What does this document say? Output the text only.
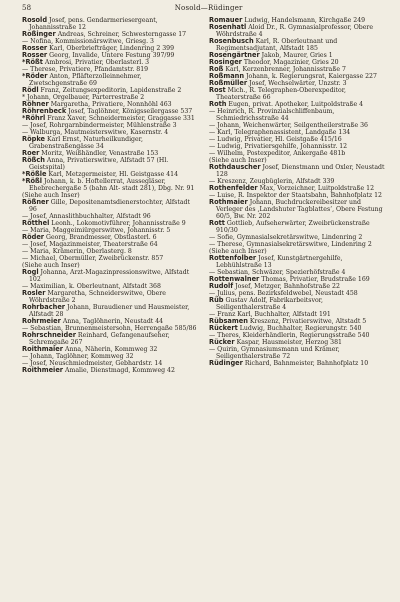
58	Nosold—Rüdinger

Rosold Josef, pens. Gendarmeriesergeant, Johannisstraße 12

Roßinger Andreas, Schreiner, Schwesterngasse 17

— Nofina, Kommissionärswitwe, Griesg. 3

Rosser Karl, Oberbriefträger, Lindenring 2 399

Rosser Georg, Invalide, Untere Festung 397/99

*Rößt Ambrosi, Privatier, Oberlasterl. 3

— Therese, Privatiere, Pfandamtstr. 819

*Röder Anton, Pfläfterzolleinnehmer, Zwetschgenstraße 69

Rödl Franz, Zeitungsexpeditorin, Lapidenstraße 2

* Johann, Orgelbauer, Parterrestraße 2

Röhner Margaretha, Privatiere, Nonnhöhl 463

Röhrenbeck Josef, Taglöhner, Königsseilergasse 537

*Röhrl Franz Xaver, Schneidermeister, Graggasse 331

— Josef, Rohrgarnbindermeister, Mühlenstraße 3

— Walburga, Mautmeisterswitwe, Kasernstr. 4

Röpke Karl Ernst, Naturheilkundiger, Grabenstraßengässe 34

Roer Moritz, Weißhändler, Venastraße 153

Rößch Anna, Privatierswitwe, Alfstadt 57 (Hl. Geistspital)

*Rößle Karl, Metzgermeister, Hl. Geistgasse 414

*Rößl Johann, k. b. Hoftellerrat, Aussegläser, Ehebrechergaße 5 (bahn Alt- stadt 281), Dbg. Nr. 91

(Siehe auch Inser)

Rößner Gille, Depositenamtsdienerstochter, Alfstadt 96

— Josef, Annaslithbuchhalter, Alfstadt 96

Rötthel Leonh., Lokomotivführer, Johannisstraße 9

— Maria, Maggeimiürgerswitwe, Johannisstr. 5

Röder Georg, Brandmesser, Obstlasterl. 6

— Josef, Magazinmeister, Theaterstraße 64

— Maria, Krämerin, Oberlasterg. 8

— Michael, Obermüller, Zweibrückenstr. 857

(Siehe auch Inser)

Rogl Johanna, Arzt-Magazinpressionswitwe, Alfstadt 102

— Maximilian, k. Oberleutnant, Alfstadt 368

Rosler Margaretha, Schneiderswitwe, Obere Wöhrdstraße 2

Rohrbacher Johann, Buraudiener und Hausmeister, Alfstadt 28

Rohrmeier Anna, Taglöhnerin, Neustadt 44

— Sebastian, Brunnenmeistersohn, Herrengaße 585/86

Rohrschneider Reinhard, Gefangenaufseher, Schremgaße 267

Roithmaier Anna, Näherin, Kommweg 32

— Johann, Taglöhner, Kommweg 32

— Josef, Neuschmiedmeister, Gebhardstr. 14

Roithmeier Amalie, Dienstmagd, Kommweg 42

Romauer Ludwig, Handelsmann, Kirchgaße 249

Rosenhatl Aloid Dr., R. Gymnasialprofessor, Obere Wöhrdstraße 4

Rosenbusch Karl, R. Oberleutnant und Regimentsadjutant, Alfstadt 185

Rosengärtner Jakob, Maurer, Gries 1

Rosinger Theodor, Magazinier, Gries 20

Roß Karl, Kerzenbrenner, Johannisstraße 7

Roßmann Johann, k. Regierungsrat, Kaiergasse 227

Roßmüller Josef, Wechselwärter, Unzstr. 3

Rost Mich., R. Telegraphen-Oberexpeditor, Theaterstraße 66

Roth Eugen, privat. Apotheker, Luitpoldstraße 4

— Heinrich, R. Provinzialschliffenbaum, Schmiedrichsstraße 44

— Johann, Weichenwärter, Seilgentheilerstraße 36

— Karl, Telegraphenassistent, Landgaße 134

— Ludwig, Privatier, Hl. Geistgaße 415/16

— Ludwig, Privatiersgehilfe, Johannisstr. 12

— Wilhelm, Postexpeditor, Ankergaße 481b

(Siehe auch Inser)

Rothdauscher Josef, Dienstmann und Oxler, Neustadt 128

— Kreszenz, Zeugbüglerin, Alfstadt 339

Rothenfelder Max, Vorzeichner, Luitpoldstraße 12

— Luise, R. Inspektor der Staatsbahn, Bahnhofplatz 12

Rothmaier Johann, Buchdruckereibesitzer und Verleger des ‚Landshuter Tagblattes‘, Obere Festung 60/5, Bw. Nr. 202

Rott Gottlieb, Aufseherwärter, Zweibrückenstraße 910/30

— Sofie, Gymnasialsekretärswitwe, Lindenring 2

— Therese, Gymnasialsekretärswitwe, Lindenring 2

(Siehe auch Inser)

Rottenfolber Josef, Kunstgärtnergehilfe, Lebhühlstraße 13

— Sebastian, Schwäzer, Spezierhöfstraße 4

Rottenwalner Thomas, Privatier, Brudstraße 169

Rudolf Josef, Metzger, Bahnhofstraße 22

— Julius, pens. Bezirksfeldwebel, Neustadt 458

Rüb Gustav Adolf, Fabrikarbeitsvor, Seiligenthalerstraße 4

— Franz Karl, Buchhalter, Alfstadt 191

Rübsamen Kreszenz, Privatierswitwe, Altstadt 5

Rückert Ludwig, Buchhalter, Regierungstr. 540

— Theres, Kleiderhändlerin, Regierungsstraße 540

Rücker Kaspar, Hausmeister, Herzog 381

— Quirin, Gymnasiumsmann und Krämer, Seiligenthalerstraße 72

Rüdinger Richard, Bahnmeister, Bahnhofplatz 10
